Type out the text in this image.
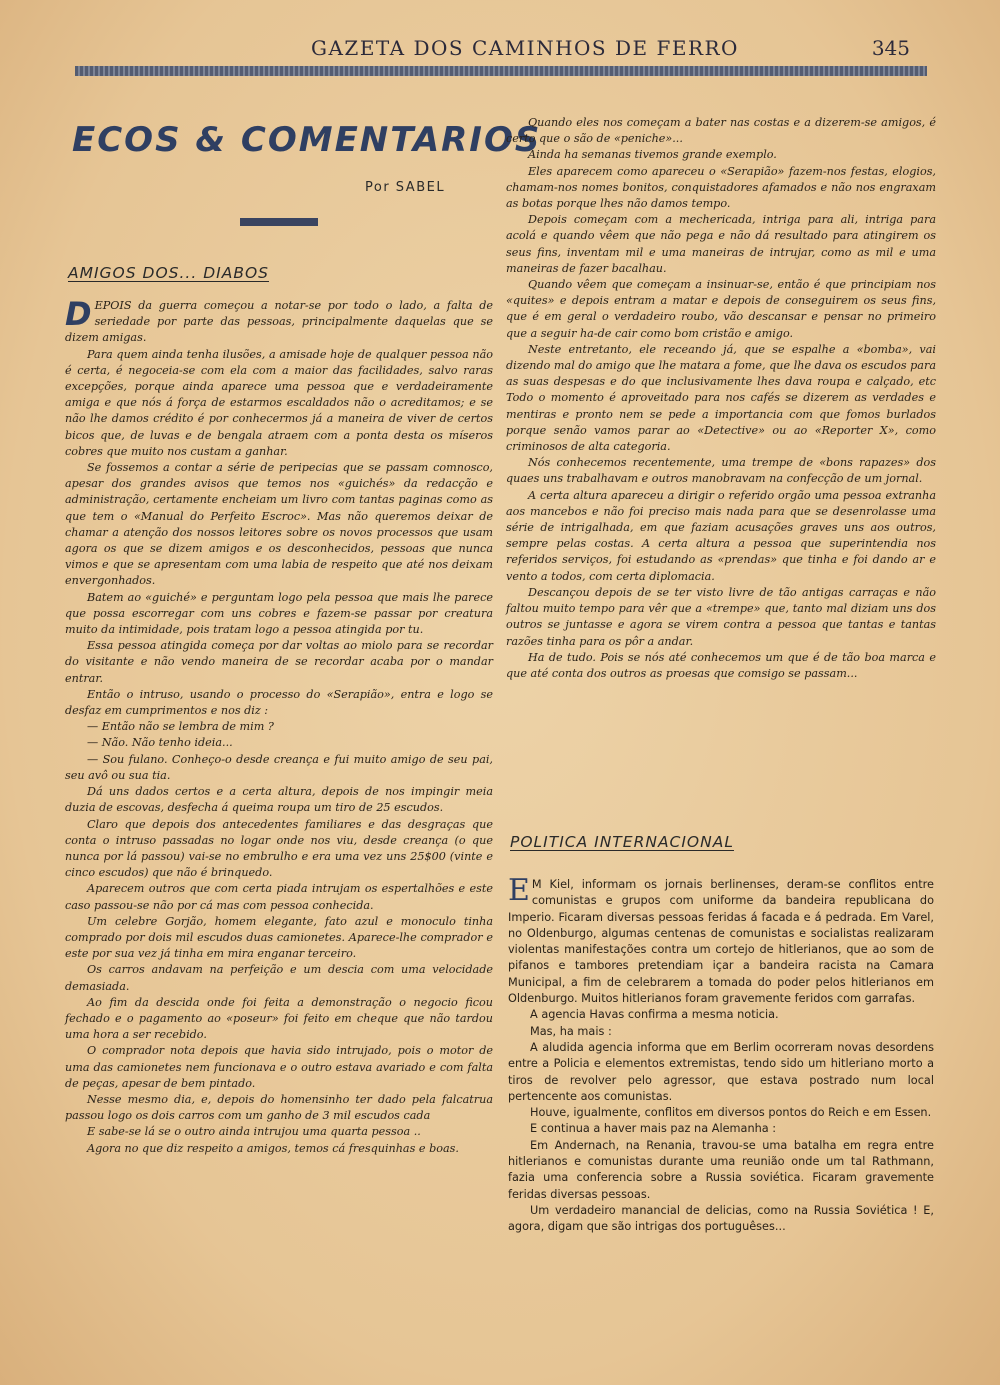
GAZETA DOS CAMINHOS DE FERRO	345
ECOS & COMENTARIOS
Por SABEL
AMIGOS DOS... DIABOS

DEPOIS da guerra começou a notar-se por todo o lado, a falta de seriedade por parte das pessoas, principalmente daquelas que se dizem amigas.

Para quem ainda tenha ilusões, a amisade hoje de qualquer pessoa não é certa, é negoceia-se com ela com a maior das facilidades, salvo raras excepções, porque ainda aparece uma pessoa que e verdadeiramente amiga e que nós á força de estarmos escaldados não o acreditamos; e se não lhe damos crédito é por conhecermos já a maneira de viver de certos bicos que, de luvas e de bengala atraem com a ponta desta os míseros cobres que muito nos custam a ganhar.

Se fossemos a contar a série de peripecias que se passam comnosco, apesar dos grandes avisos que temos nos «guichés» da redacção e administração, certamente encheiam um livro com tantas paginas como as que tem o «Manual do Perfeito Escroc». Mas não queremos deixar de chamar a atenção dos nossos leitores sobre os novos processos que usam agora os que se dizem amigos e os desconhecidos, pessoas que nunca vimos e que se apresentam com uma labia de respeito que até nos deixam envergonhados.

Batem ao «guiché» e perguntam logo pela pessoa que mais lhe parece que possa escorregar com uns cobres e fazem-se passar por creatura muito da intimidade, pois tratam logo a pessoa atingida por tu.

Essa pessoa atingida começa por dar voltas ao miolo para se recordar do visitante e não vendo maneira de se recordar acaba por o mandar entrar.

Então o intruso, usando o processo do «Serapião», entra e logo se desfaz em cumprimentos e nos diz :

— Então não se lembra de mim ?

— Não. Não tenho ideia...

— Sou fulano. Conheço-o desde creança e fui muito amigo de seu pai, seu avô ou sua tia.

Dá uns dados certos e a certa altura, depois de nos impingir meia duzia de escovas, desfecha á queima roupa um tiro de 25 escudos.

Claro que depois dos antecedentes familiares e das desgraças que conta o intruso passadas no logar onde nos viu, desde creança (o que nunca por lá passou) vai-se no embrulho e era uma vez uns 25$00 (vinte e cinco escudos) que não é brinquedo.

Aparecem outros que com certa piada intrujam os espertalhões e este caso passou-se não por cá mas com pessoa conhecida.

Um celebre Gorjão, homem elegante, fato azul e monoculo tinha comprado por dois mil escudos duas camionetes. Aparece-lhe comprador e este por sua vez já tinha em mira enganar terceiro.

Os carros andavam na perfeição e um descia com uma velocidade demasiada.

Ao fim da descida onde foi feita a demonstração o negocio ficou fechado e o pagamento ao «poseur» foi feito em cheque que não tardou uma hora a ser recebido.

O comprador nota depois que havia sido intrujado, pois o motor de uma das camionetes nem funcionava e o outro estava avariado e com falta de peças, apesar de bem pintado.

Nesse mesmo dia, e, depois do homensinho ter dado pela falcatrua passou logo os dois carros com um ganho de 3 mil escudos cada

E sabe-se lá se o outro ainda intrujou uma quarta pessoa ..

Agora no que diz respeito a amigos, temos cá fresquinhas e boas.

Quando eles nos começam a bater nas costas e a dizerem-se amigos, é certo que o são de «peniche»...

Ainda ha semanas tivemos grande exemplo.

Eles aparecem como apareceu o «Serapião» fazem-nos festas, elogios, chamam-nos nomes bonitos, conquistadores afamados e não nos engraxam as botas porque lhes não damos tempo.

Depois começam com a mechericada, intriga para ali, intriga para acolá e quando vêem que não pega e não dá resultado para atingirem os seus fins, inventam mil e uma maneiras de intrujar, como as mil e uma maneiras de fazer bacalhau.

Quando vêem que começam a insinuar-se, então é que principiam nos «quites» e depois entram a matar e depois de conseguirem os seus fins, que é em geral o verdadeiro roubo, vão descansar e pensar no primeiro que a seguir ha-de cair como bom cristão e amigo.

Neste entretanto, ele receando já, que se espalhe a «bomba», vai dizendo mal do amigo que lhe matara a fome, que lhe dava os escudos para as suas despesas e do que inclusivamente lhes dava roupa e calçado, etc Todo o momento é aproveitado para nos cafés se dizerem as verdades e mentiras e pronto nem se pede a importancia com que fomos burlados porque senão vamos parar ao «Detective» ou ao «Reporter X», como criminosos de alta categoria.

Nós conhecemos recentemente, uma trempe de «bons rapazes» dos quaes uns trabalhavam e outros manobravam na confecção de um jornal.

A certa altura apareceu a dirigir o referido orgão uma pessoa extranha aos mancebos e não foi preciso mais nada para que se desenrolasse uma série de intrigalhada, em que faziam acusações graves uns aos outros, sempre pelas costas. A certa altura a pessoa que superintendia nos referidos serviços, foi estudando as «prendas» que tinha e foi dando ar e vento a todos, com certa diplomacia.

Descançou depois de se ter visto livre de tão antigas carraças e não faltou muito tempo para vêr que a «trempe» que, tanto mal diziam uns dos outros se juntasse e agora se virem contra a pessoa que tantas e tantas razões tinha para os pôr a andar.

Ha de tudo. Pois se nós até conhecemos um que é de tão boa marca e que até conta dos outros as proesas que comsigo se passam...

POLITICA INTERNACIONAL

E M Kiel, informam os jornais berlinenses, deram-se conflitos entre comunistas e grupos com uniforme da bandeira republicana do Imperio. Ficaram diversas pessoas feridas á facada e á pedrada. Em Varel, no Oldenburgo, algumas centenas de comunistas e socialistas realizaram violentas manifestações contra um cortejo de hitlerianos, que ao som de pifanos e tambores pretendiam içar a bandeira racista na Camara Municipal, a fim de celebrarem a tomada do poder pelos hitlerianos em Oldenburgo. Muitos hitlerianos foram gravemente feridos com garrafas.

A agencia Havas confirma a mesma noticia.

Mas, ha mais :

A aludida agencia informa que em Berlim ocorreram novas desordens entre a Policia e elementos extremistas, tendo sido um hitleriano morto a tiros de revolver pelo agressor, que estava postrado num local pertencente aos comunistas.

Houve, igualmente, conflitos em diversos pontos do Reich e em Essen.

E continua a haver mais paz na Alemanha :

Em Andernach, na Renania, travou-se uma batalha em regra entre hitlerianos e comunistas durante uma reunião onde um tal Rathmann, fazia uma conferencia sobre a Russia soviética. Ficaram gravemente feridas diversas pessoas.

Um verdadeiro manancial de delicias, como na Russia Soviética ! E, agora, digam que são intrigas dos portuguêses...
